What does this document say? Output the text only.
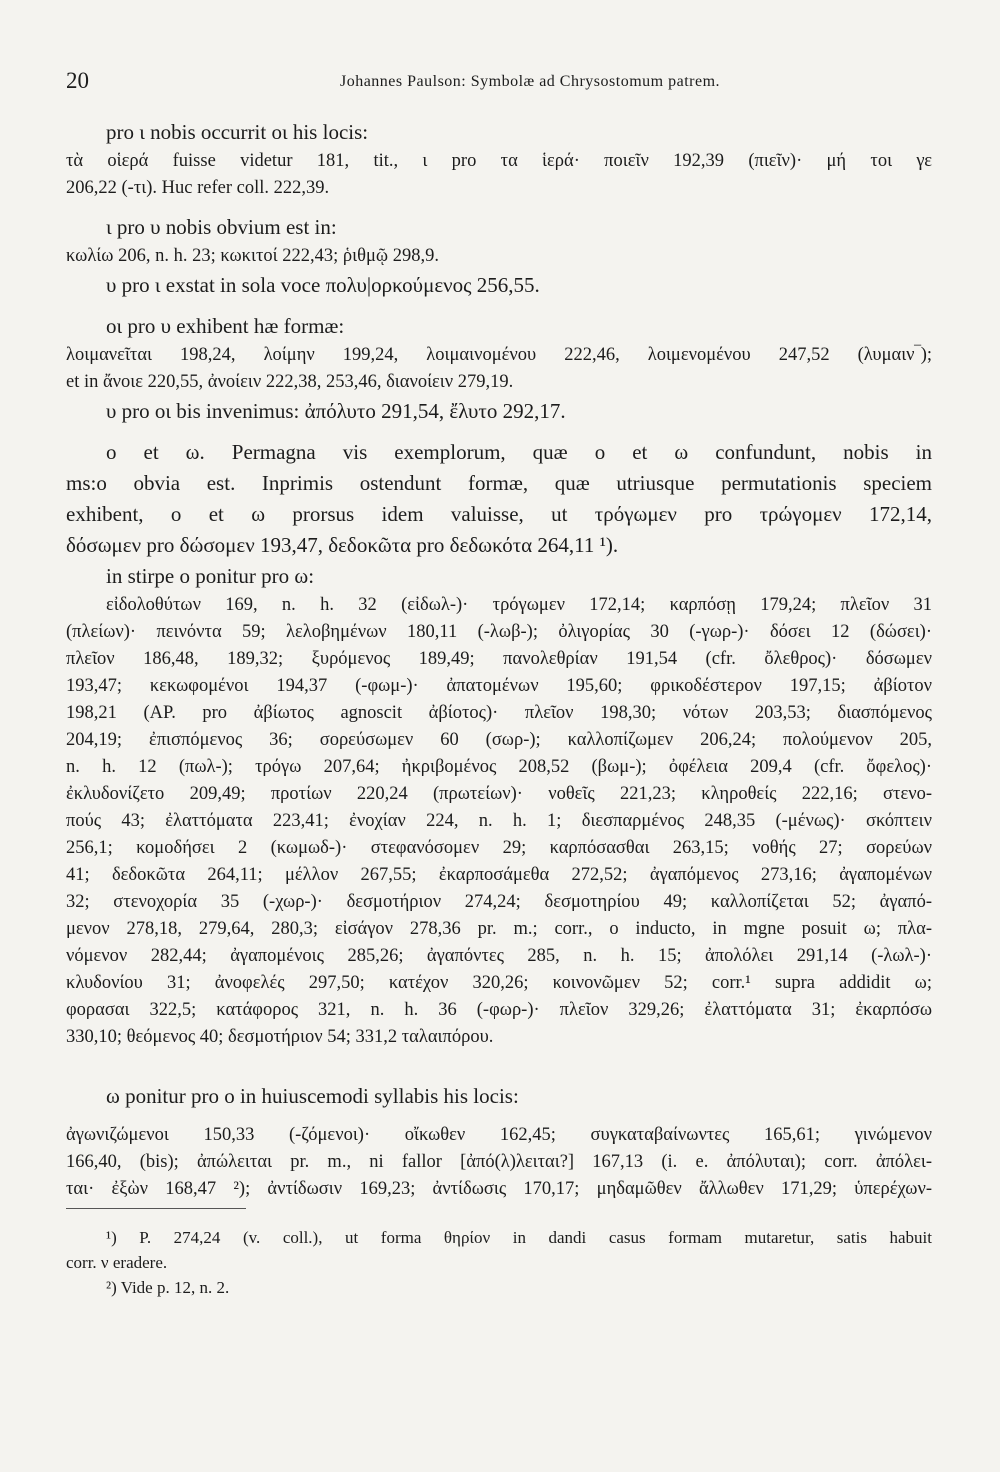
20	Johannes Paulson: Symbolæ ad Chrysostomum patrem.
pro ι nobis occurrit οι his locis:
τὰ οἱερά fuisse videtur 181, tit., ι pro τα ἱερά· ποιεῖν 192,39 (πιεῖν)· μή τοι γε
206,22 (-τι). Huc refer coll. 222,39.
ι pro υ nobis obvium est in:
κωλίω 206, n. h. 23; κωκιτοί 222,43; ῥιθμῷ 298,9.
υ pro ι exstat in sola voce πολυ|ορκούμενος 256,55.
οι pro υ exhibent hæ formæ:
λοιμανεῖται 198,24, λοίμην 199,24, λοιμαινομένου 222,46, λοιμενομένου 247,52 (λυμαιν‾);
et in ἄνοιε 220,55, ἀνοίειν 222,38, 253,46, διανοίειν 279,19.
υ pro οι bis invenimus: ἀπόλυτο 291,54, ἔλυτο 292,17.
ο et ω. Permagna vis exemplorum, quæ ο et ω confundunt, nobis in
ms:o obvia est. Inprimis ostendunt formæ, quæ utriusque permutationis speciem
exhibent, ο et ω prorsus idem valuisse, ut τρόγωμεν pro τρώγομεν 172,14,
δόσωμεν pro δώσομεν 193,47, δεδοκῶτα pro δεδωκότα 264,11 ¹).
in stirpe ο ponitur pro ω:
εἰδολοθύτων 169, n. h. 32 (εἰδωλ-)· τρόγωμεν 172,14; καρπόσῃ 179,24; πλεῖον 31
(πλείων)· πεινόντα 59; λελοβημένων 180,11 (-λωβ-); ὀλιγορίας 30 (-γωρ-)· δόσει 12 (δώσει)·
πλεῖον 186,48, 189,32; ξυρόμενος 189,49; πανολεθρίαν 191,54 (cfr. ὄλεθρος)· δόσωμεν
193,47; κεκωφομένοι 194,37 (-φωμ-)· ἀπατομένων 195,60; φρικοδέστερον 197,15; ἀβίοτον
198,21 (AP. pro ἀβίωτος agnoscit ἀβίοτος)· πλεῖον 198,30; νότων 203,53; διασπόμενος
204,19; ἐπισπόμενος 36; σορεύσωμεν 60 (σωρ-); καλλοπίζωμεν 206,24; πολούμενον 205,
n. h. 12 (πωλ-); τρόγω 207,64; ἠκριβομένος 208,52 (βωμ-); ὀφέλεια 209,4 (cfr. ὄφελος)·
ἐκλυδονίζετο 209,49; προτίων 220,24 (πρωτείων)· νοθεῖς 221,23; κληροθείς 222,16; στενο-
πούς 43; ἐλαττόματα 223,41; ἐνοχίαν 224, n. h. 1; διεσπαρμένος 248,35 (-μένως)· σκόπτειν
256,1; κομοδήσει 2 (κωμωδ-)· στεφανόσομεν 29; καρπόσασθαι 263,15; νοθής 27; σορεύων
41; δεδοκῶτα 264,11; μέλλον 267,55; ἐκαρποσάμεθα 272,52; ἀγαπόμενος 273,16; ἀγαπομένων
32; στενοχορία 35 (-χωρ-)· δεσμοτήριον 274,24; δεσμοτηρίου 49; καλλοπίζεται 52; ἀγαπό-
μενον 278,18, 279,64, 280,3; εἰσάγον 278,36 pr. m.; corr., ο inducto, in mgne posuit ω; πλα-
νόμενον 282,44; ἀγαπομένοις 285,26; ἀγαπόντες 285, n. h. 15; ἀπολόλει 291,14 (-λωλ-)·
κλυδονίου 31; ἀνοφελές 297,50; κατέχον 320,26; κοινονῶμεν 52; corr.¹ supra addidit ω;
φορασαι 322,5; κατάφορος 321, n. h. 36 (-φωρ-)· πλεῖον 329,26; ἐλαττόματα 31; ἐκαρπόσω
330,10; θεόμενος 40; δεσμοτήριον 54; 331,2 ταλαιπόρου.
ω ponitur pro ο in huiuscemodi syllabis his locis:
ἀγωνιζώμενοι 150,33 (-ζόμενοι)· οἴκωθεν 162,45; συγκαταβαίνωντες 165,61; γινώμενον
166,40, (bis); ἀπώλειται pr. m., ni fallor [ἀπό(λ)λειται?] 167,13 (i. e. ἀπόλυται); corr. ἀπόλει-
ται· ἐξὼν 168,47 ²); ἀντίδωσιν 169,23; ἀντίδωσις 170,17; μηδαμῶθεν ἄλλωθεν 171,29; ὑπερέχων-
¹) P. 274,24 (v. coll.), ut forma θηρίον in dandi casus formam mutaretur, satis habuit
corr. ν eradere.
²) Vide p. 12, n. 2.
